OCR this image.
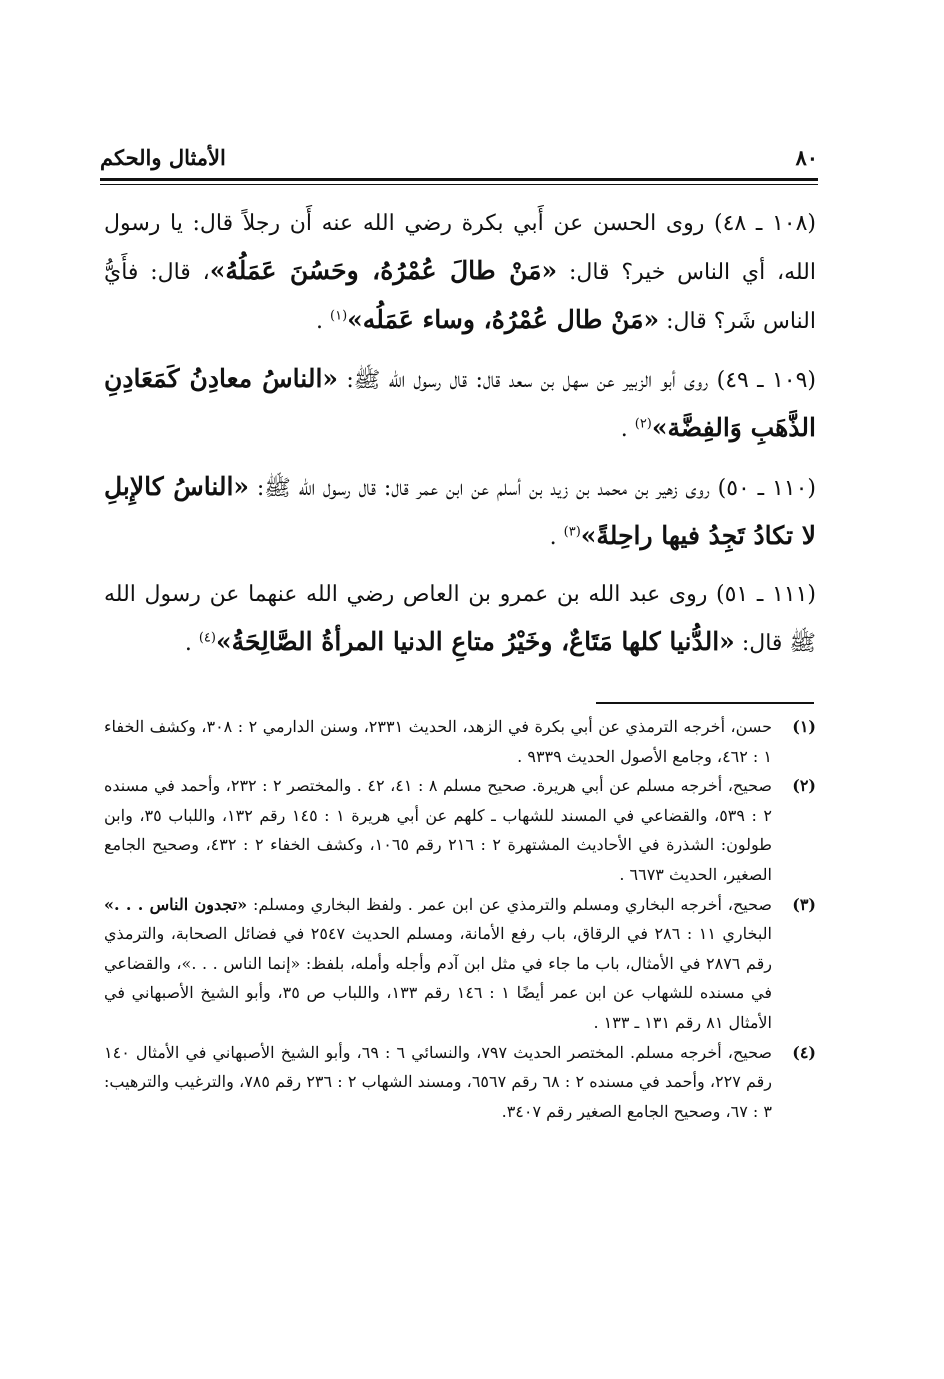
٨٠
الأمثال والحكم

(١٠٨ ـ ٤٨) روى الحسن عن أَبي بكرة رضي الله عنه أَن رجلاً قال: يا رسول الله، أي الناس خير؟ قال: «مَنْ طالَ عُمْرُهُ، وحَسُنَ عَمَلُهُ»، قال: فأَيُّ الناس شَر؟ قال: «مَنْ طال عُمْرُهُ، وساء عَمَلُه»$^{(١)}$ .

(١٠٩ ـ ٤٩) روى أبو الزبير عن سهل بن سعد قال: قال رسول الله ﷺ: «الناسُ معادِنُ كَمَعَادِنِ الذَّهَبِ وَالفِضَّة»$^{(٢)}$ .

(١١٠ ـ ٥٠) روى زهير بن محمد بن زيد بن أسلم عن ابن عمر قال: قال رسول الله ﷺ: «الناسُ كالإِبلِ لا تكادُ تَجِدُ فيها راحِلةً»$^{(٣)}$ .

(١١١ ـ ٥١) روى عبد الله بن عمرو بن العاص رضي الله عنهما عن رسول الله ﷺ قال: «الدُّنيا كلها مَتَاعٌ، وخَيْرُ متاعِ الدنيا المرأةُ الصَّالِحَةُ»$^{(٤)}$ .

(١)
حسن، أخرجه الترمذي عن أبي بكرة في الزهد، الحديث ٢٣٣١، وسنن الدارمي ٢ : ٣٠٨، وكشف الخفاء ١ : ٤٦٢، وجامع الأصول الحديث ٩٣٣٩ .
(٢)
صحيح، أخرجه مسلم عن أبي هريرة. صحيح مسلم ٨ : ٤١، ٤٢ . والمختصر ٢ : ٢٣٢، وأحمد في مسنده ٢ : ٥٣٩، والقضاعي في المسند للشهاب ـ كلهم عن أبي هريرة ١ : ١٤٥ رقم ١٣٢، واللباب ٣٥، وابن طولون: الشذرة في الأحاديث المشتهرة ٢ : ٢١٦ رقم ١٠٦٥، وكشف الخفاء ٢ : ٤٣٢، وصحيح الجامع الصغير، الحديث ٦٦٧٣ .
(٣)
صحيح، أخرجه البخاري ومسلم والترمذي عن ابن عمر . ولفظ البخاري ومسلم: «تجدون الناس . . .» البخاري ١١ : ٢٨٦ في الرقاق، باب رفع الأمانة، ومسلم الحديث ٢٥٤٧ في فضائل الصحابة، والترمذي رقم ٢٨٧٦ في الأمثال، باب ما جاء في مثل ابن آدم وأجله وأمله، بلفظ: «إنما الناس . . .»، والقضاعي في مسنده للشهاب عن ابن عمر أيضًا ١ : ١٤٦ رقم ١٣٣، واللباب ص ٣٥، وأبو الشيخ الأصبهاني في الأمثال ٨١ رقم ١٣١ ـ ١٣٣ .
(٤)
صحيح، أخرجه مسلم. المختصر الحديث ٧٩٧، والنسائي ٦ : ٦٩، وأبو الشيخ الأصبهاني في الأمثال ١٤٠ رقم ٢٢٧، وأحمد في مسنده ٢ : ٦٨ رقم ٦٥٦٧، ومسند الشهاب ٢ : ٢٣٦ رقم ٧٨٥، والترغيب والترهيب: ٣ : ٦٧، وصحيح الجامع الصغير رقم ٣٤٠٧.
